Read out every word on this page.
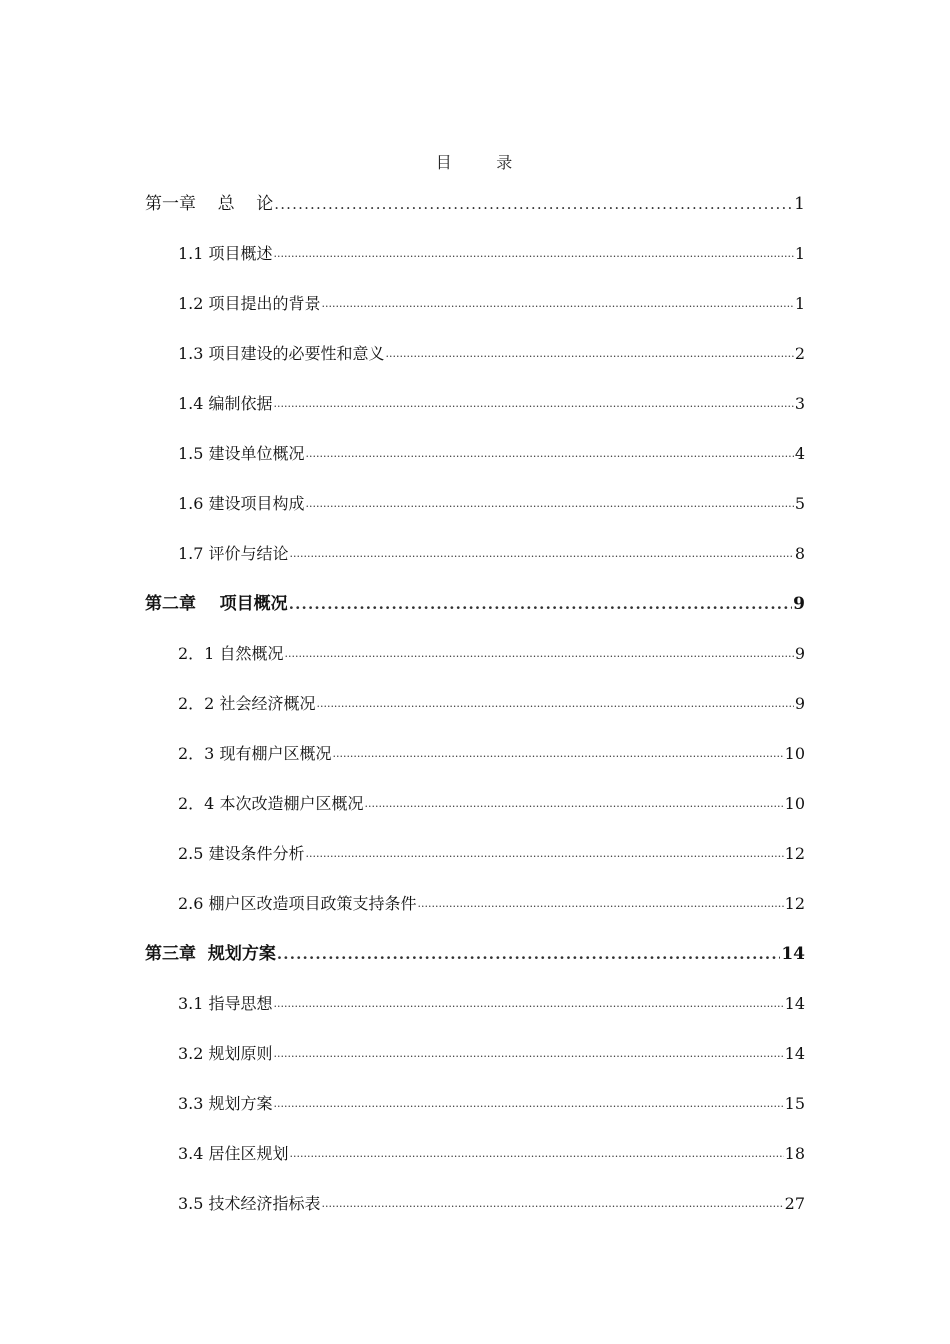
目      录
第一章    总    论 .....	1
1.1 项目概述 .....	1
1.2 项目提出的背景 .....	1
1.3 项目建设的必要性和意义 .....	2
1.4 编制依据 .....	3
1.5 建设单位概况 .....	4
1.6 建设项目构成 .....	5
1.7 评价与结论 .....	8
第二章    项目概况 .....	9
2．1 自然概况 .....	9
2．2 社会经济概况 .....	9
2．3 现有棚户区概况 .....	10
2．4 本次改造棚户区概况 .....	10
2.5 建设条件分析 .....	12
2.6 棚户区改造项目政策支持条件 .....	12
第三章  规划方案 .....	14
3.1 指导思想 .....	14
3.2 规划原则 .....	14
3.3 规划方案 .....	15
3.4 居住区规划 .....	18
3.5 技术经济指标表 .....	27
